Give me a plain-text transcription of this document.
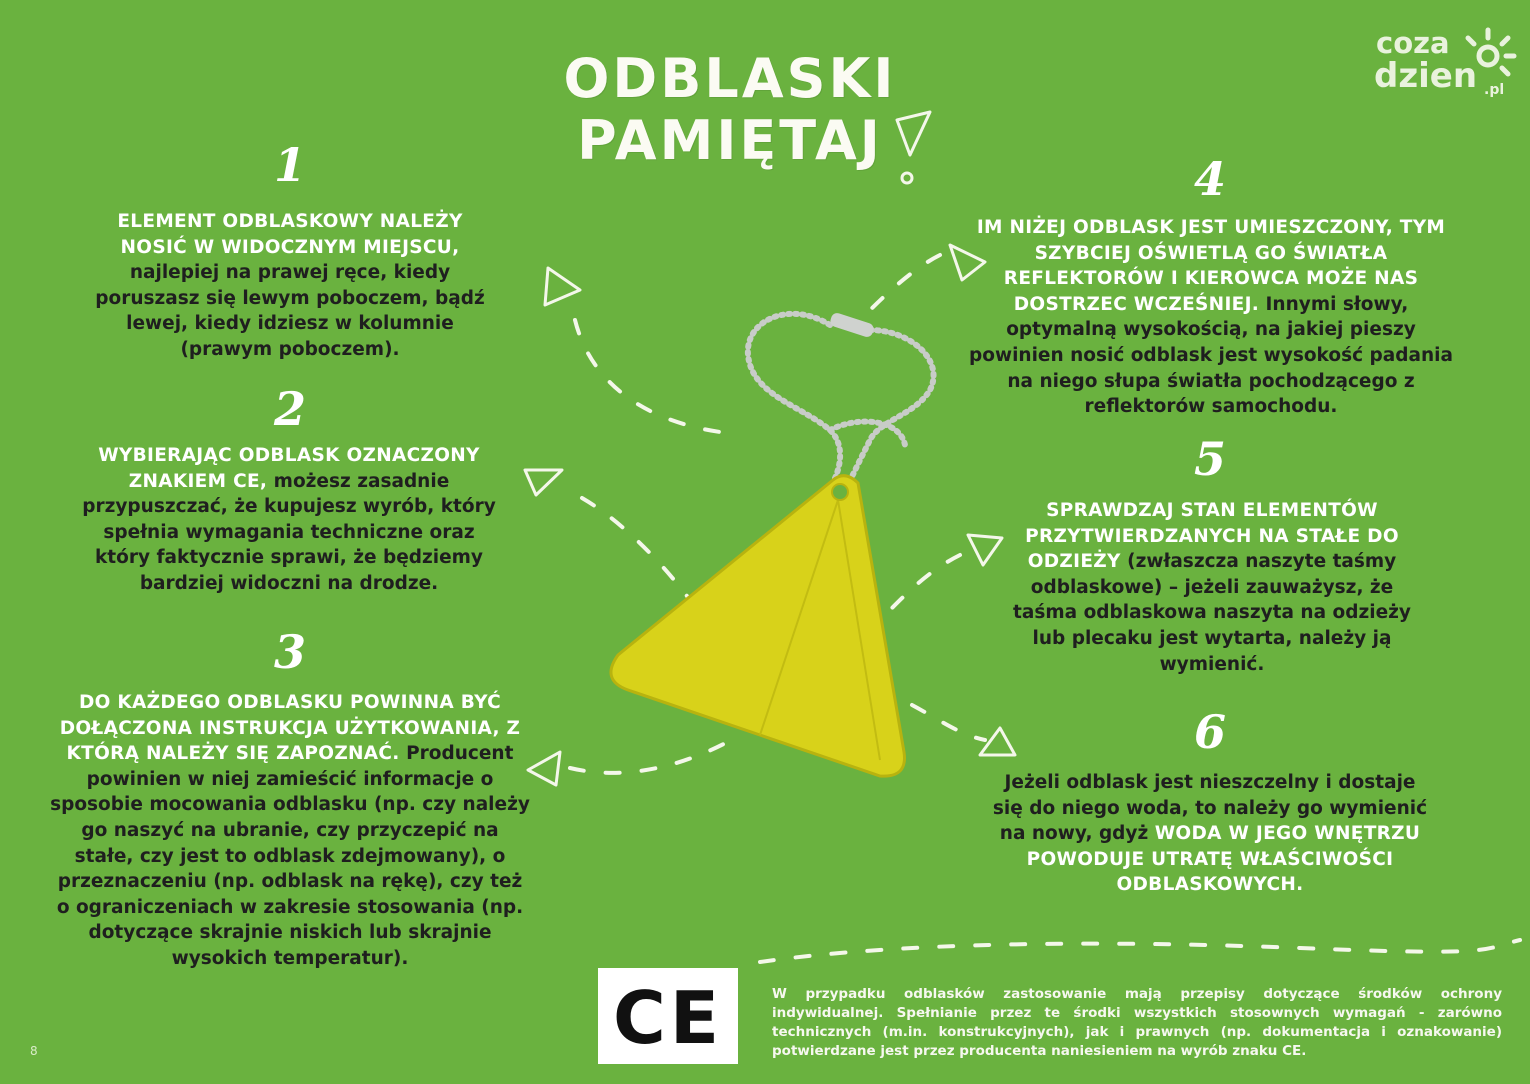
ODBLASKI
PAMIĘTAJ
coza
dzien .pl
1
ELEMENT ODBLASKOWY NALEŻY NOSIĆ W WIDOCZNYM MIEJSCU, najlepiej na prawej ręce, kiedy poruszasz się lewym poboczem, bądź lewej, kiedy idziesz w kolumnie (prawym poboczem).
2
WYBIERAJĄC ODBLASK OZNACZONY ZNAKIEM CE, możesz zasadnie przypuszczać, że kupujesz wyrób, który spełnia wymagania techniczne oraz który faktycznie sprawi, że będziemy bardziej widoczni na drodze.
3
DO KAŻDEGO ODBLASKU POWINNA BYĆ DOŁĄCZONA INSTRUKCJA UŻYTKOWANIA, Z KTÓRĄ NALEŻY SIĘ ZAPOZNAĆ. Producent powinien w niej zamieścić informacje o sposobie mocowania odblasku (np. czy należy go naszyć na ubranie, czy przyczepić na stałe, czy jest to odblask zdejmowany), o przeznaczeniu (np. odblask na rękę), czy też o ograniczeniach w zakresie stosowania (np. dotyczące skrajnie niskich lub skrajnie wysokich temperatur).
4
IM NIŻEJ ODBLASK JEST UMIESZCZONY, TYM SZYBCIEJ OŚWIETLĄ GO ŚWIATŁA REFLEKTORÓW I KIEROWCA MOŻE NAS DOSTRZEC WCZEŚNIEJ. Innymi słowy, optymalną wysokością, na jakiej pieszy powinien nosić odblask jest wysokość padania na niego słupa światła pochodzącego z reflektorów samochodu.
5
SPRAWDZAJ STAN ELEMENTÓW PRZYTWIERDZANYCH NA STAŁE DO ODZIEŻY (zwłaszcza naszyte taśmy odblaskowe) – jeżeli zauważysz, że taśma odblaskowa naszyta na odzieży lub plecaku jest wytarta, należy ją wymienić.
6
Jeżeli odblask jest nieszczelny i dostaje się do niego woda, to należy go wymienić na nowy, gdyż WODA W JEGO WNĘTRZU POWODUJE UTRATĘ WŁAŚCIWOŚCI ODBLASKOWYCH.
CE	W przypadku odblasków zastosowanie mają przepisy dotyczące środków ochrony indywidualnej. Spełnianie przez te środki wszystkich stosownych wymagań - zarówno technicznych (m.in. konstrukcyjnych), jak i prawnych (np. dokumentacja i oznakowanie) potwierdzane jest przez producenta naniesieniem na wyrób znaku CE.
8
